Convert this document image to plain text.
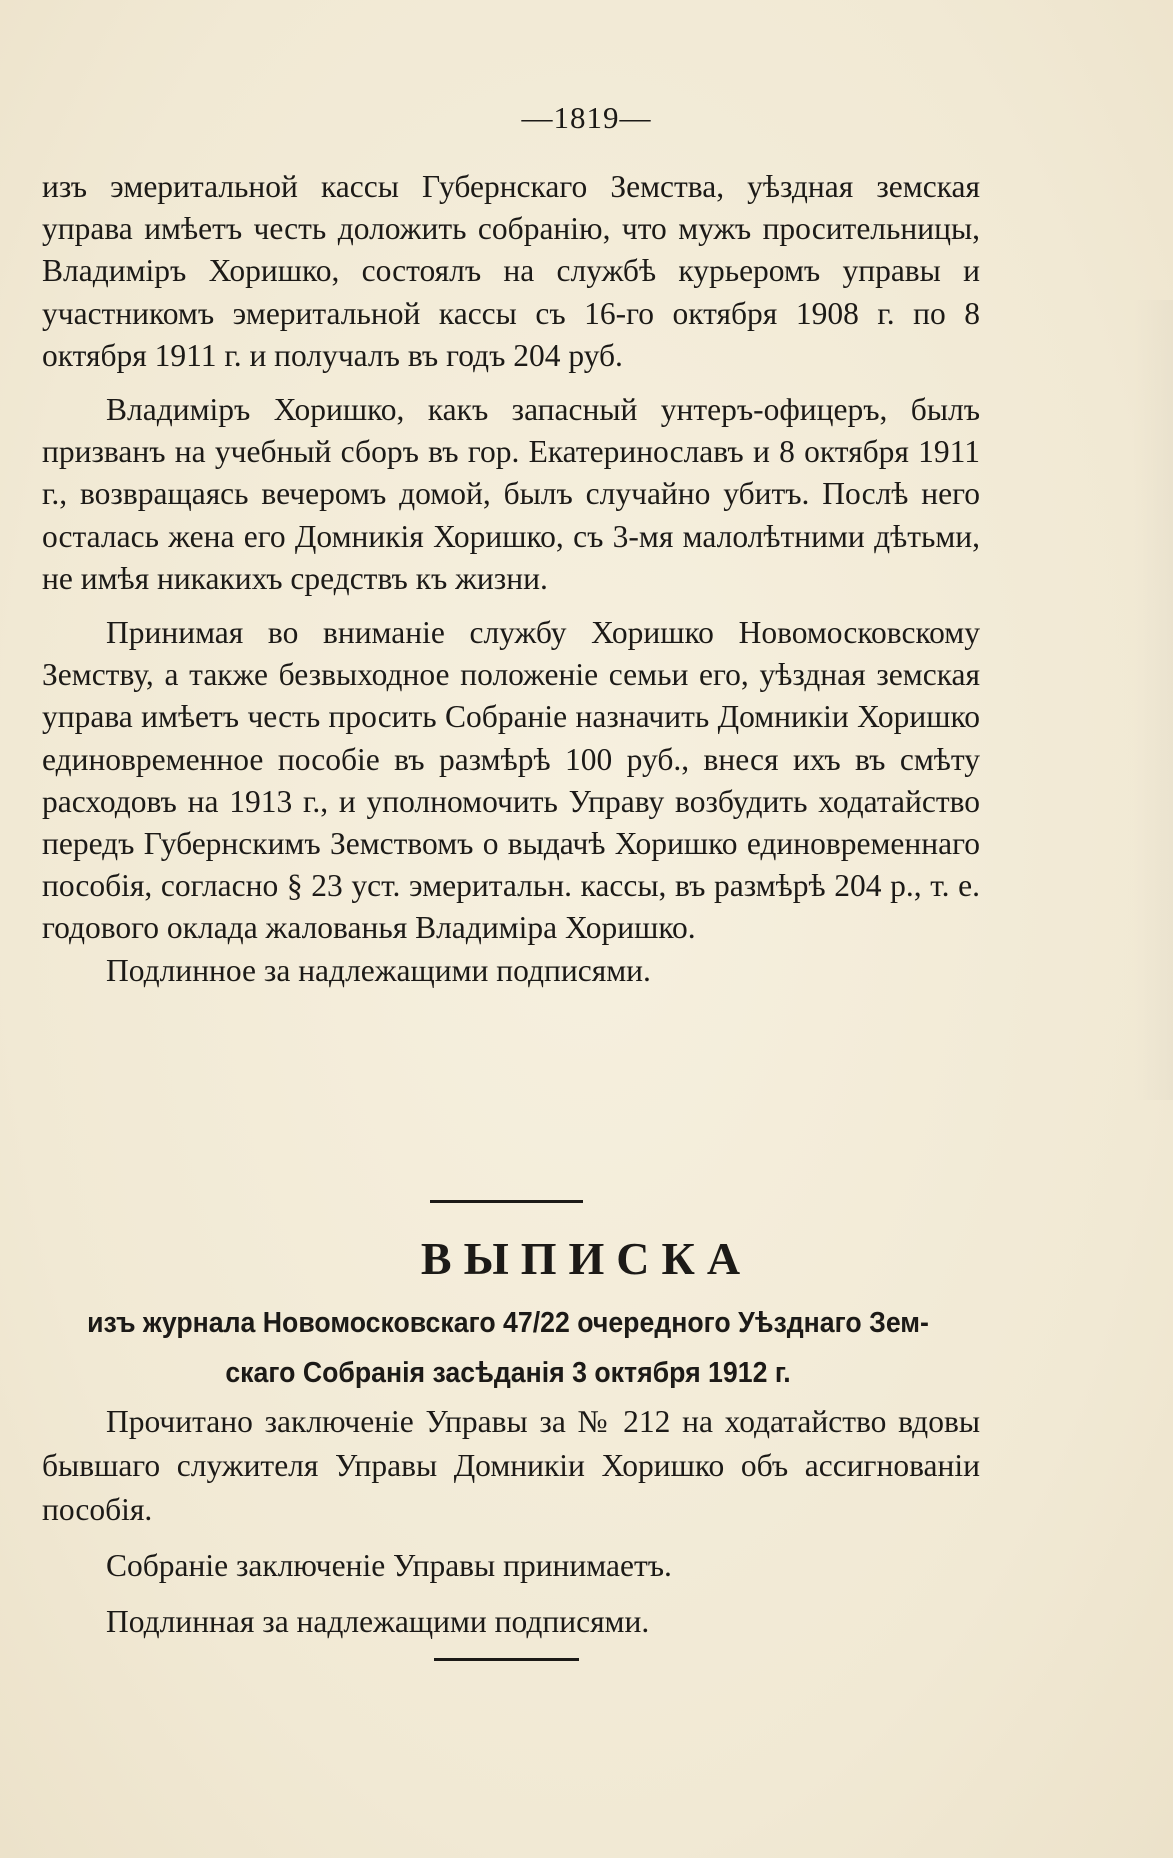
—1819—

изъ эмеритальной кассы Губернскаго Земства, уѣздная земская управа имѣетъ честь доложить собранію, что мужъ просительницы, Владиміръ Хоришко, состоялъ на службѣ курьеромъ управы и участникомъ эмеритальной кассы съ 16-го октября 1908 г. по 8 октября 1911 г. и получалъ въ годъ 204 руб.

Владиміръ Хоришко, какъ запасный унтеръ-офицеръ, былъ призванъ на учебный сборъ въ гор. Екатеринославъ и 8 октября 1911 г., возвращаясь вечеромъ домой, былъ случайно убитъ. Послѣ него осталась жена его Домникія Хоришко, съ 3-мя малолѣтними дѣтьми, не имѣя никакихъ средствъ къ жизни.

Принимая во вниманіе службу Хоришко Новомосковскому Земству, а также безвыходное положеніе семьи его, уѣздная земская управа имѣетъ честь просить Собраніе назначить Домникіи Хоришко единовременное пособіе въ размѣрѣ 100 руб., внеся ихъ въ смѣту расходовъ на 1913 г., и уполномочить Управу возбудить ходатайство передъ Губернскимъ Земствомъ о выдачѣ Хоришко единовременнаго пособія, согласно § 23 уст. эмеритальн. кассы, въ размѣрѣ 204 р., т. е. годового оклада жалованья Владиміра Хоришко.

Подлинное за надлежащими подписями.

ВЫПИСКА
изъ журнала Новомосковскаго 47/22 очередного Уѣзднаго Зем-
скаго Собранія засѣданія 3 октября 1912 г.

Прочитано заключеніе Управы за № 212 на ходатайство вдовы бывшаго служителя Управы Домникіи Хоришко объ ассигнованіи пособія.

Собраніе заключеніе Управы принимаетъ.

Подлинная за надлежащими подписями.
